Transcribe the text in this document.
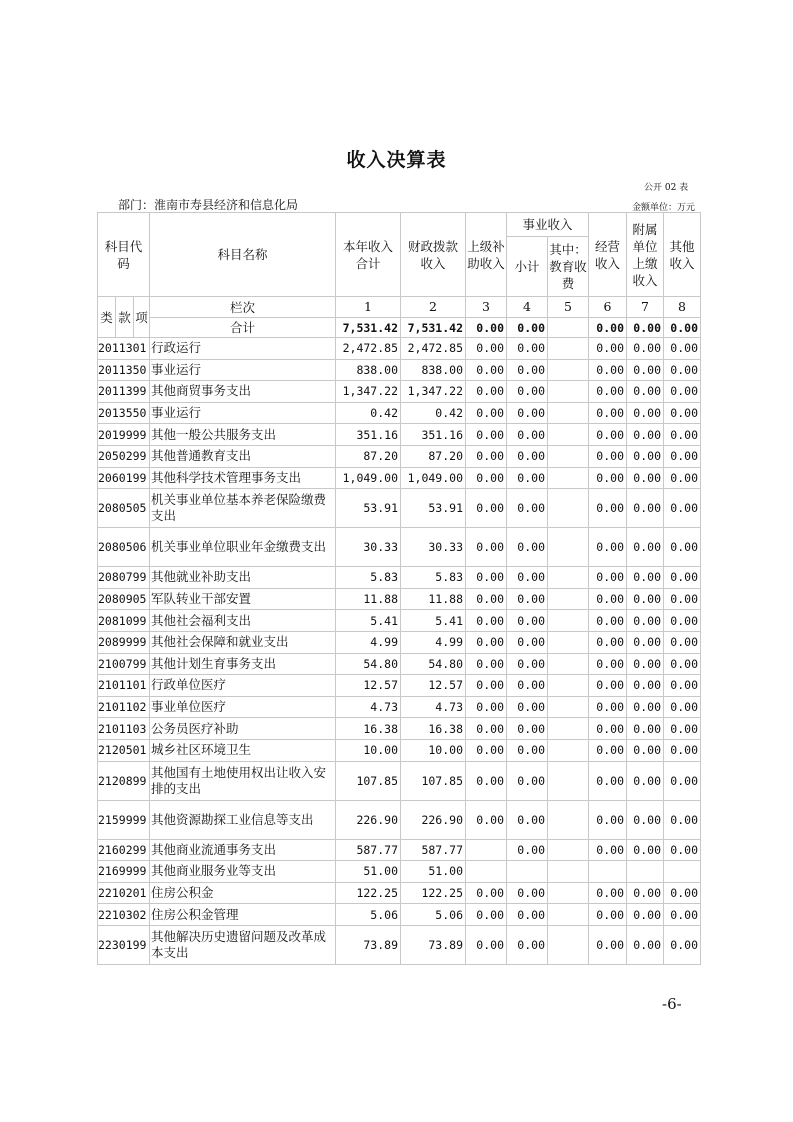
收入决算表
公开 02 表
部门：淮南市寿县经济和信息化局	金额单位：万元
科目代码			科目名称	本年收入合计	财政拨款收入	上级补助收入	事业收入		经营收入	附属单位上缴收入	其他收入
							小计	其中：教育收费			

类	款	项	栏次	1	2	3	4	5	6	7	8
			合计	7,531.42	7,531.42	0.00	0.00		0.00	0.00	0.00
2011301			行政运行	2,472.85	2,472.85	0.00	0.00		0.00	0.00	0.00
2011350			事业运行	838.00	838.00	0.00	0.00		0.00	0.00	0.00
2011399			其他商贸事务支出	1,347.22	1,347.22	0.00	0.00		0.00	0.00	0.00
2013550			事业运行	0.42	0.42	0.00	0.00		0.00	0.00	0.00
2019999			其他一般公共服务支出	351.16	351.16	0.00	0.00		0.00	0.00	0.00
2050299			其他普通教育支出	87.20	87.20	0.00	0.00		0.00	0.00	0.00
2060199			其他科学技术管理事务支出	1,049.00	1,049.00	0.00	0.00		0.00	0.00	0.00
2080505			机关事业单位基本养老保险缴费支出	53.91	53.91	0.00	0.00		0.00	0.00	0.00
2080506			机关事业单位职业年金缴费支出	30.33	30.33	0.00	0.00		0.00	0.00	0.00
2080799			其他就业补助支出	5.83	5.83	0.00	0.00		0.00	0.00	0.00
2080905			军队转业干部安置	11.88	11.88	0.00	0.00		0.00	0.00	0.00
2081099			其他社会福利支出	5.41	5.41	0.00	0.00		0.00	0.00	0.00
2089999			其他社会保障和就业支出	4.99	4.99	0.00	0.00		0.00	0.00	0.00
2100799			其他计划生育事务支出	54.80	54.80	0.00	0.00		0.00	0.00	0.00
2101101			行政单位医疗	12.57	12.57	0.00	0.00		0.00	0.00	0.00
2101102			事业单位医疗	4.73	4.73	0.00	0.00		0.00	0.00	0.00
2101103			公务员医疗补助	16.38	16.38	0.00	0.00		0.00	0.00	0.00
2120501			城乡社区环境卫生	10.00	10.00	0.00	0.00		0.00	0.00	0.00
2120899			其他国有土地使用权出让收入安排的支出	107.85	107.85	0.00	0.00		0.00	0.00	0.00
2159999			其他资源勘探工业信息等支出	226.90	226.90	0.00	0.00		0.00	0.00	0.00
2160299			其他商业流通事务支出	587.77	587.77		0.00		0.00	0.00	0.00
2169999			其他商业服务业等支出	51.00	51.00						
2210201			住房公积金	122.25	122.25	0.00	0.00		0.00	0.00	0.00
2210302			住房公积金管理	5.06	5.06	0.00	0.00		0.00	0.00	0.00
2230199			其他解决历史遗留问题及改革成本支出	73.89	73.89	0.00	0.00		0.00	0.00	0.00
-6-
